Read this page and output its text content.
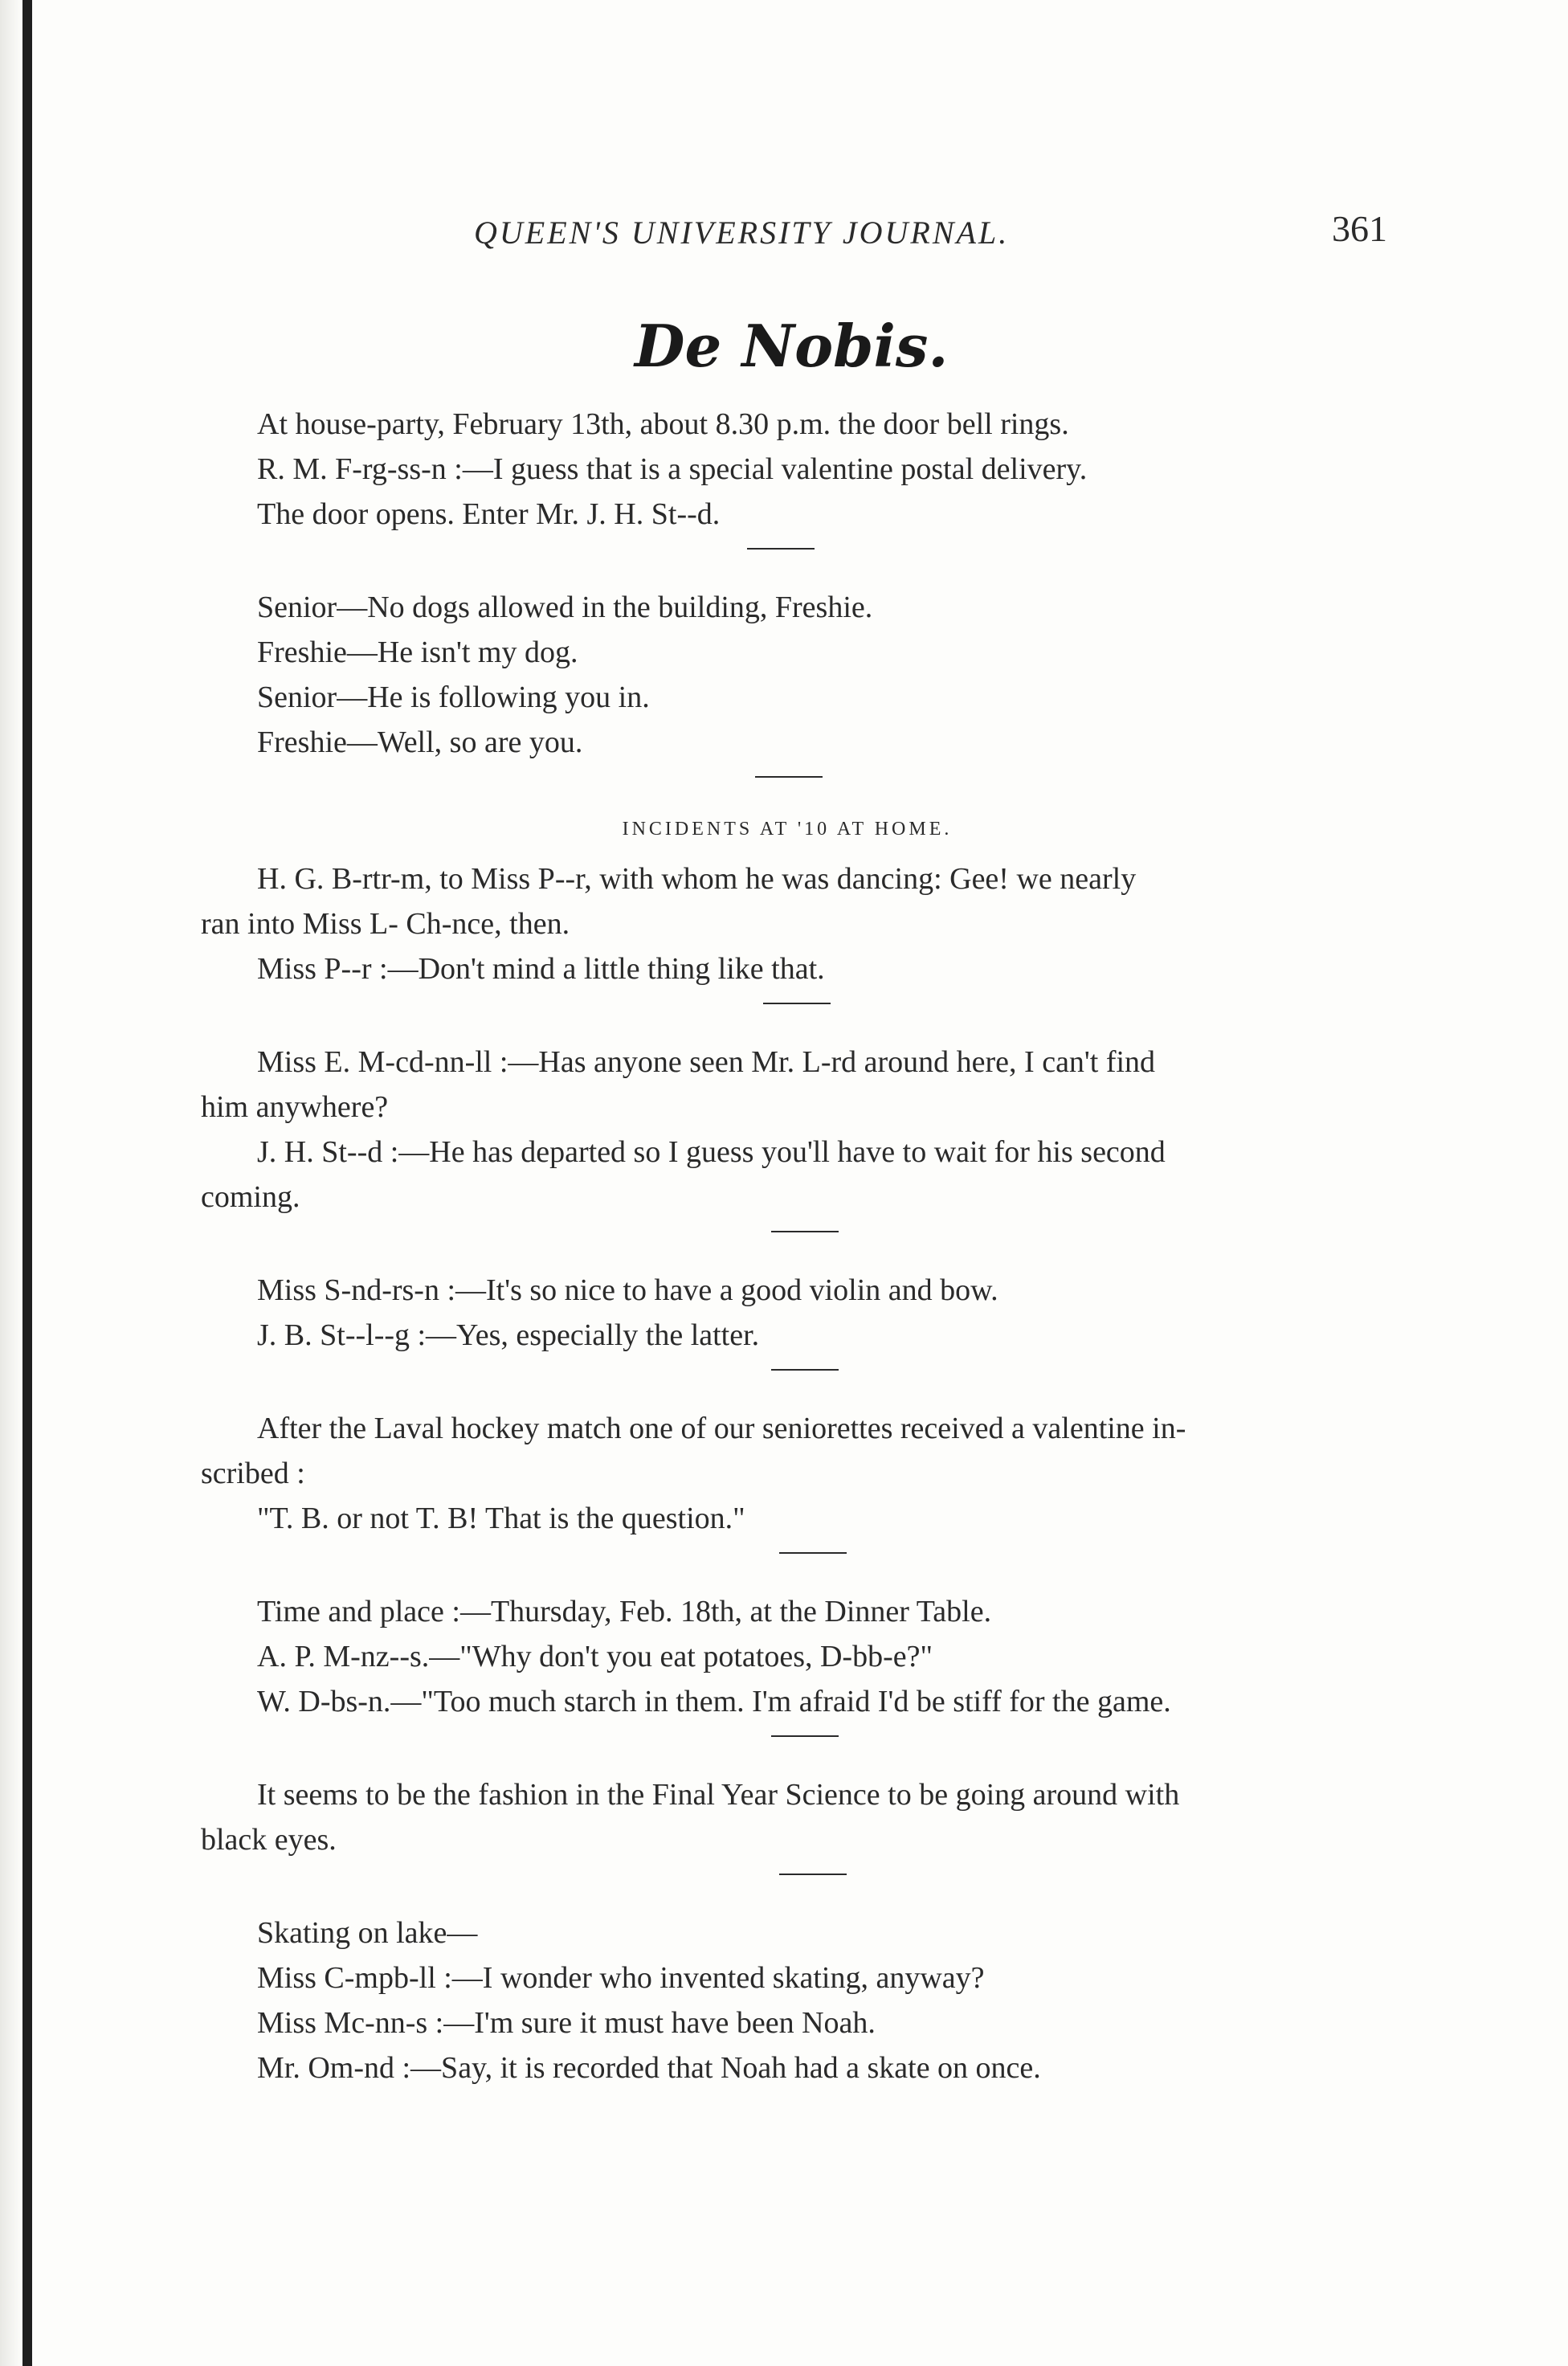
QUEEN'S UNIVERSITY JOURNAL.	361
De Nobis.

At house-party, February 13th, about 8.30 p.m. the door bell rings.

R. M. F-rg-ss-n :—I guess that is a special valentine postal delivery.

The door opens. Enter Mr. J. H. St--d.

Senior—No dogs allowed in the building, Freshie.

Freshie—He isn't my dog.

Senior—He is following you in.

Freshie—Well, so are you.

INCIDENTS AT '10 AT HOME.

H. G. B-rtr-m, to Miss P--r, with whom he was dancing: Gee! we nearly

ran into Miss L- Ch-nce, then.

Miss P--r :—Don't mind a little thing like that.

Miss E. M-cd-nn-ll :—Has anyone seen Mr. L-rd around here, I can't find

him anywhere?

J. H. St--d :—He has departed so I guess you'll have to wait for his second

coming.

Miss S-nd-rs-n :—It's so nice to have a good violin and bow.

J. B. St--l--g :—Yes, especially the latter.

After the Laval hockey match one of our seniorettes received a valentine in-

scribed :

"T. B. or not T. B! That is the question."

Time and place :—Thursday, Feb. 18th, at the Dinner Table.

A. P. M-nz--s.—"Why don't you eat potatoes, D-bb-e?"

W. D-bs-n.—"Too much starch in them. I'm afraid I'd be stiff for the game.

It seems to be the fashion in the Final Year Science to be going around with

black eyes.

Skating on lake—

Miss C-mpb-ll :—I wonder who invented skating, anyway?

Miss Mc-nn-s :—I'm sure it must have been Noah.

Mr. Om-nd :—Say, it is recorded that Noah had a skate on once.
